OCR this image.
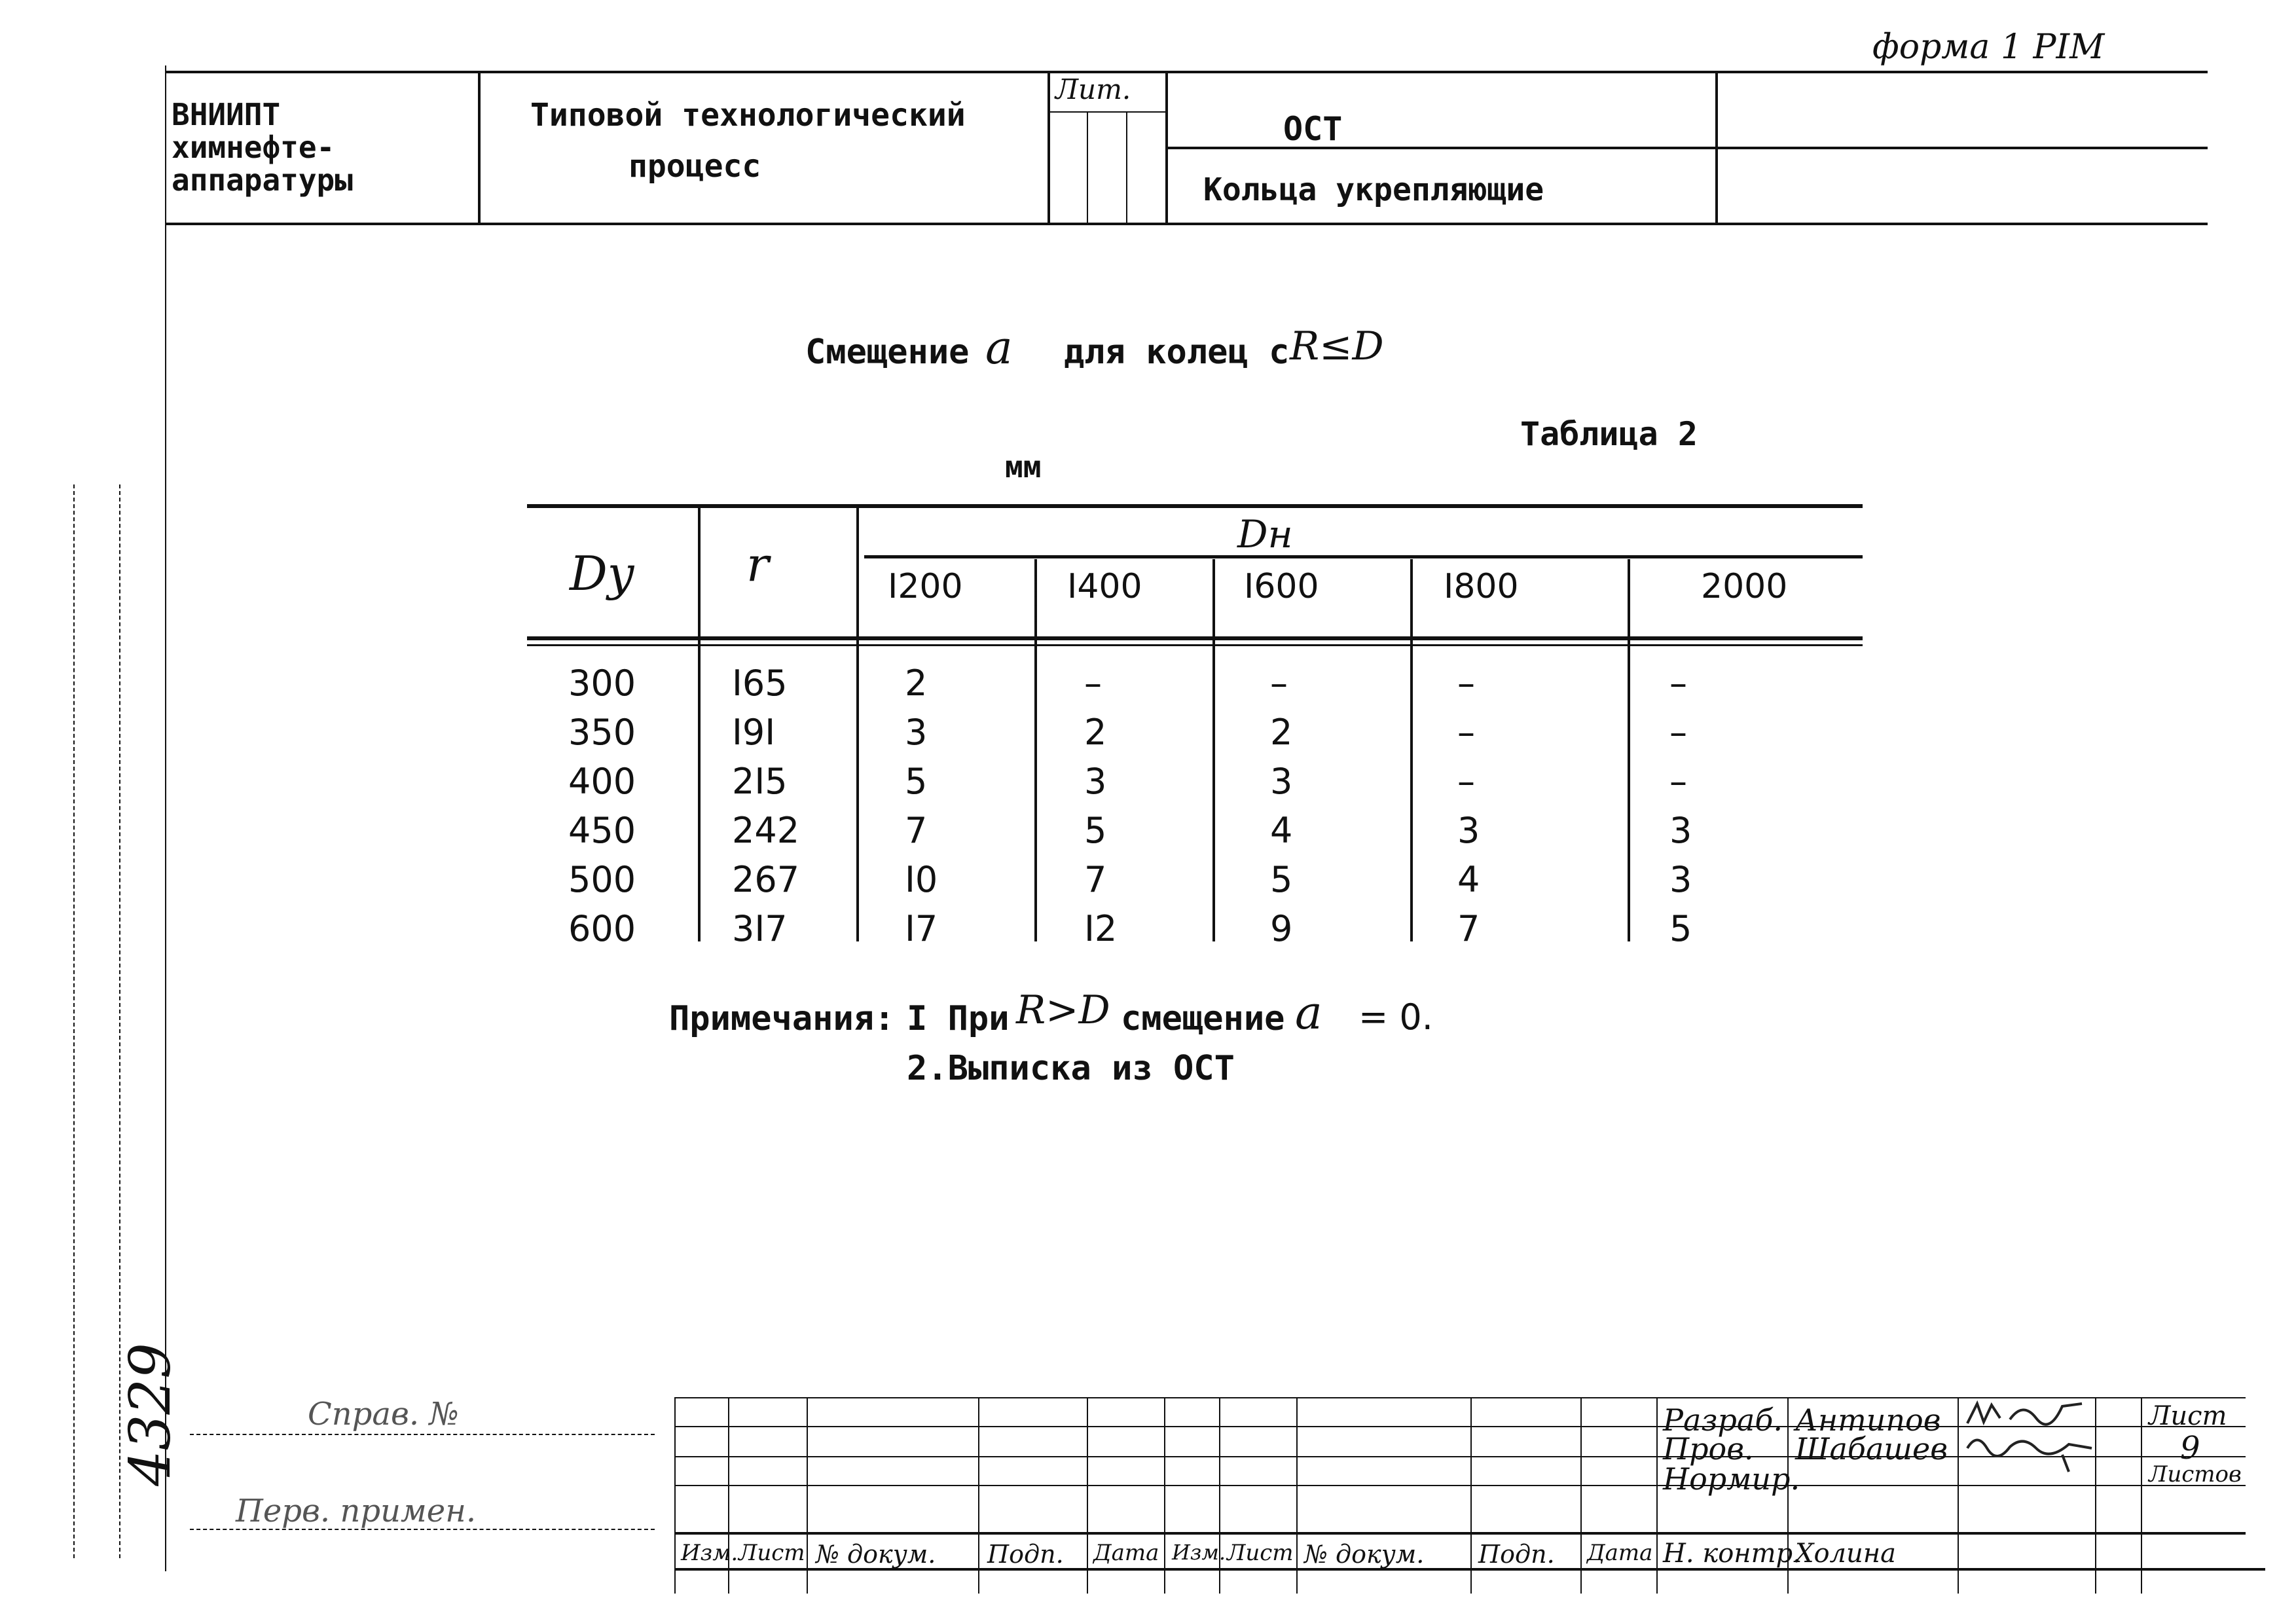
форма 1 PIM
ВНИИПТ
химнефте-
аппаратуры
Типовой технологический
процесс
Лит.
ОСТ
Кольца укрепляющие
Смещение a для колец с R≤D
Таблица 2
мм
Dy r
Dн
I200	I400	I600	I800	2000
300	I65	2	–	–	–	–
350	I9I	3	2	2	–	–
400	2I5	5	3	3	–	–
450	242	7	5	4	3	3
500	267	I0	7	5	4	3
600	3I7	I7	I2	9	7	5
Примечания: I При R>D смещение a = 0.
2.Выписка из ОСТ
Справ. №
Перв. примен.
4329
Изм. Лист № докум. Подп. Дата Изм. Лист № докум. Подп. Дата
Разраб.
Пров.
Нормир.
Н. контр.
Антипов
Шабашев
Холина
Лист
9
Листов
